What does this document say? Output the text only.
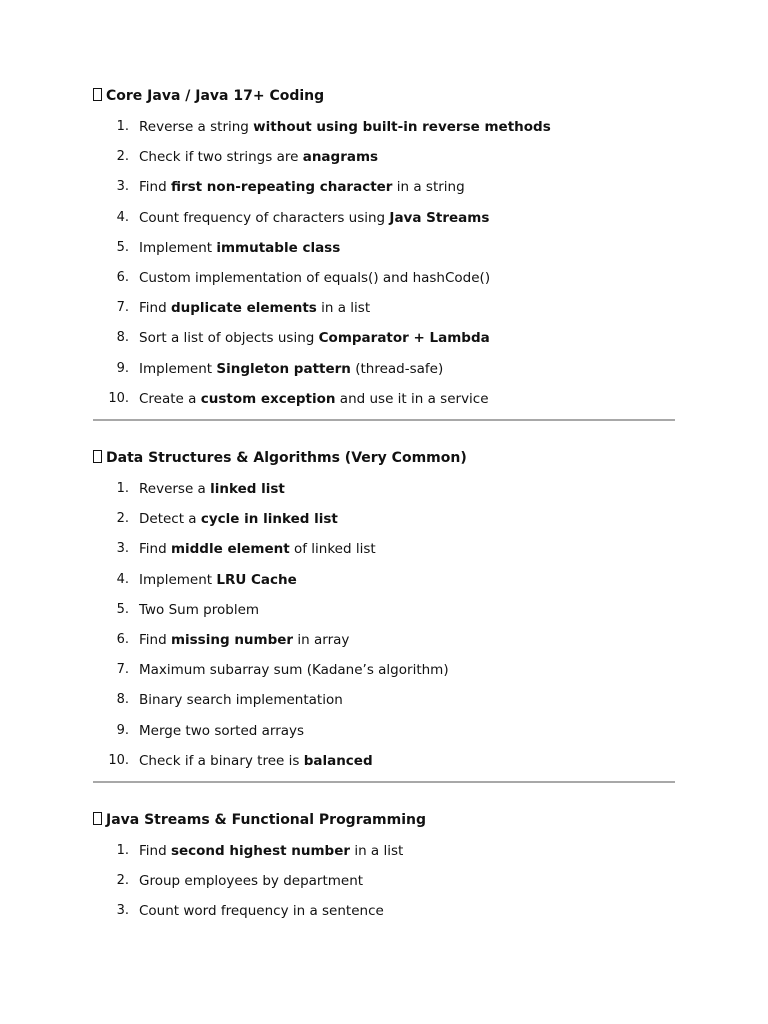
Core Java / Java 17+ Coding
1. Reverse a string without using built-in reverse methods
2. Check if two strings are anagrams
3. Find first non-repeating character in a string
4. Count frequency of characters using Java Streams
5. Implement immutable class
6. Custom implementation of equals() and hashCode()
7. Find duplicate elements in a list
8. Sort a list of objects using Comparator + Lambda
9. Implement Singleton pattern (thread-safe)
10. Create a custom exception and use it in a service
Data Structures & Algorithms (Very Common)
1. Reverse a linked list
2. Detect a cycle in linked list
3. Find middle element of linked list
4. Implement LRU Cache
5. Two Sum problem
6. Find missing number in array
7. Maximum subarray sum (Kadane’s algorithm)
8. Binary search implementation
9. Merge two sorted arrays
10. Check if a binary tree is balanced
Java Streams & Functional Programming
1. Find second highest number in a list
2. Group employees by department
3. Count word frequency in a sentence
